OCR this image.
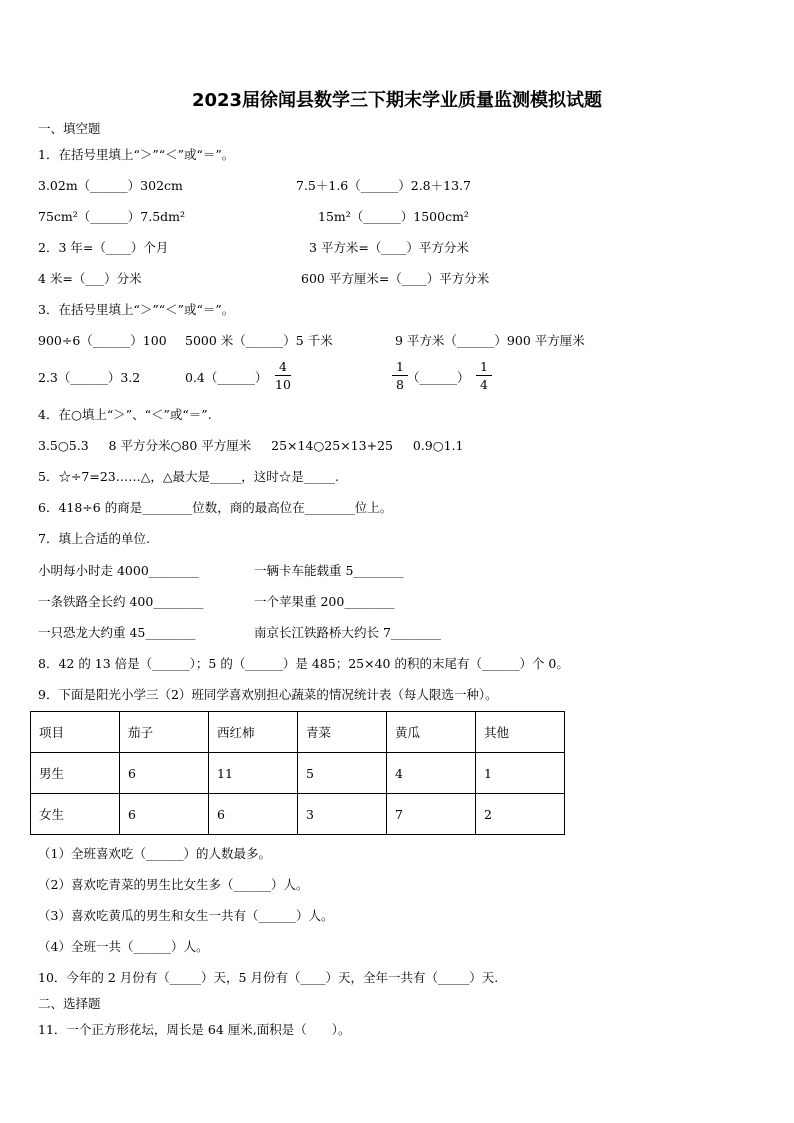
2023届徐闻县数学三下期末学业质量监测模拟试题
一、填空题
1．在括号里填上“＞”“＜”或“＝”。
3.02m（______）302cm	7.5＋1.6（______）2.8＋13.7
75cm²（______）7.5dm²	15m²（______）1500cm²
2．3 年=（____）个月	3 平方米=（____）平方分米
4 米=（___）分米	600 平方厘米=（____）平方分米
3．在括号里填上“＞”“＜”或“＝”。
900÷6（______）100 5000 米（______）5 千米	9 平方米（______）900 平方厘米
2.3（______）3.2	0.4（______）
4
10
1
8 （______）
1
4
4．在○填上“＞”、“＜”或“＝”.
3.5○5.3     8 平方分米○80 平方厘米     25×14○25×13+25     0.9○1.1
5．☆÷7=23……△，△最大是_____，这时☆是_____.
6．418÷6 的商是________位数，商的最高位在________位上。
7．填上合适的单位.
小明每小时走 4000________	一辆卡车能载重 5________
一条铁路全长约 400________	一个苹果重 200________
一只恐龙大约重 45________	南京长江铁路桥大约长 7________
8．42 的 13 倍是（______）；5 的（______）是 485；25×40 的积的末尾有（______）个 0。
9．下面是阳光小学三（2）班同学喜欢别担心蔬菜的情况统计表（每人限选一种）。
项目	茄子	西红柿	青菜	黄瓜	其他
男生	6	11	5	4	1
女生	6	6	3	7	2
（1）全班喜欢吃（______）的人数最多。
（2）喜欢吃青菜的男生比女生多（______）人。
（3）喜欢吃黄瓜的男生和女生一共有（______）人。
（4）全班一共（______）人。
10．今年的 2 月份有（_____）天，5 月份有（____）天，全年一共有（_____）天.
二、选择题
11．一个正方形花坛，周长是 64 厘米,面积是（　　）。
